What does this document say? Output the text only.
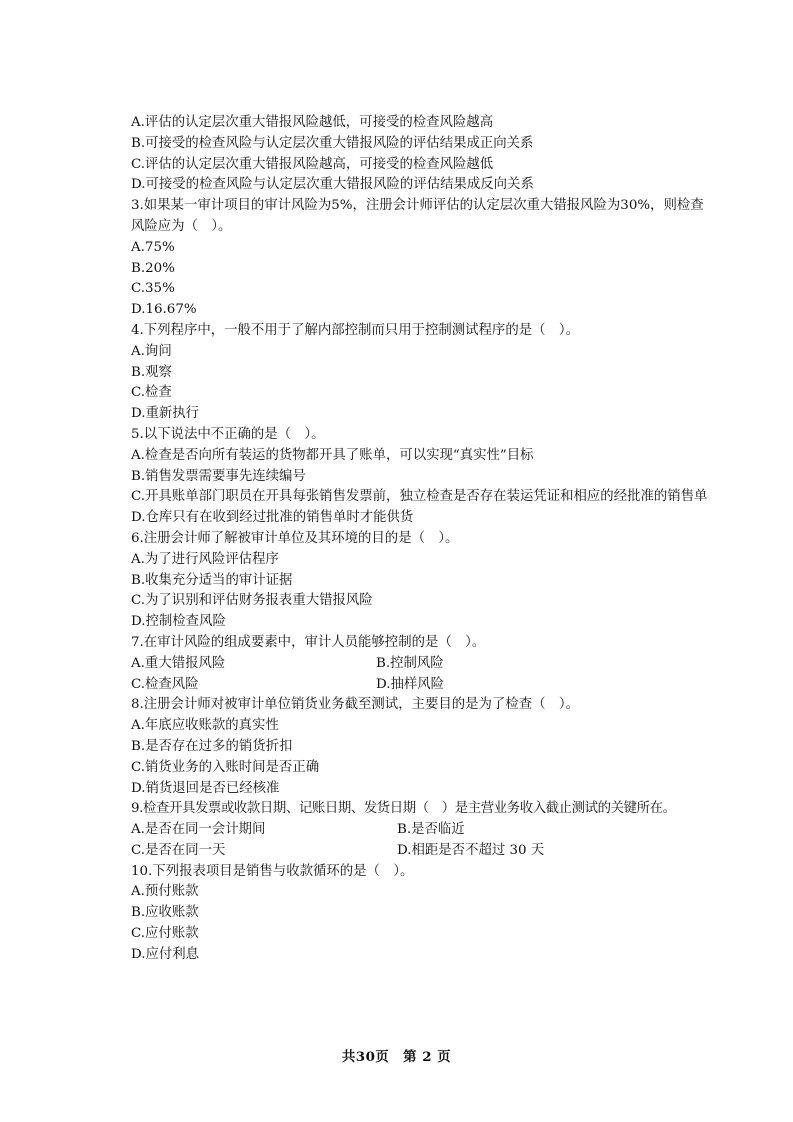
A.评估的认定层次重大错报风险越低，可接受的检查风险越高
B.可接受的检查风险与认定层次重大错报风险的评估结果成正向关系
C.评估的认定层次重大错报风险越高，可接受的检查风险越低
D.可接受的检查风险与认定层次重大错报风险的评估结果成反向关系
3.如果某一审计项目的审计风险为5%，注册会计师评估的认定层次重大错报风险为30%，则检查风险应为（　）。
A.75%
B.20%
C.35%
D.16.67%
4.下列程序中，一般不用于了解内部控制而只用于控制测试程序的是（　）。
A.询问
B.观察
C.检查
D.重新执行
5.以下说法中不正确的是（　）。
A.检查是否向所有装运的货物都开具了账单，可以实现“真实性”目标
B.销售发票需要事先连续编号
C.开具账单部门职员在开具每张销售发票前，独立检查是否存在装运凭证和相应的经批准的销售单
D.仓库只有在收到经过批准的销售单时才能供货
6.注册会计师了解被审计单位及其环境的目的是（　）。
A.为了进行风险评估程序
B.收集充分适当的审计证据
C.为了识别和评估财务报表重大错报风险
D.控制检查风险
7.在审计风险的组成要素中，审计人员能够控制的是（　）。
A.重大错报风险	B.控制风险
C.检查风险	D.抽样风险
8.注册会计师对被审计单位销货业务截至测试，主要目的是为了检查（　）。
A.年底应收账款的真实性
B.是否存在过多的销货折扣
C.销货业务的入账时间是否正确
D.销货退回是否已经核准
9.检查开具发票或收款日期、记账日期、发货日期（　）是主营业务收入截止测试的关键所在。
A.是否在同一会计期间	B.是否临近
C.是否在同一天	D.相距是否不超过 30 天
10.下列报表项目是销售与收款循环的是（　）。
A.预付账款
B.应收账款
C.应付账款
D.应付利息
共30页　第 2 页
